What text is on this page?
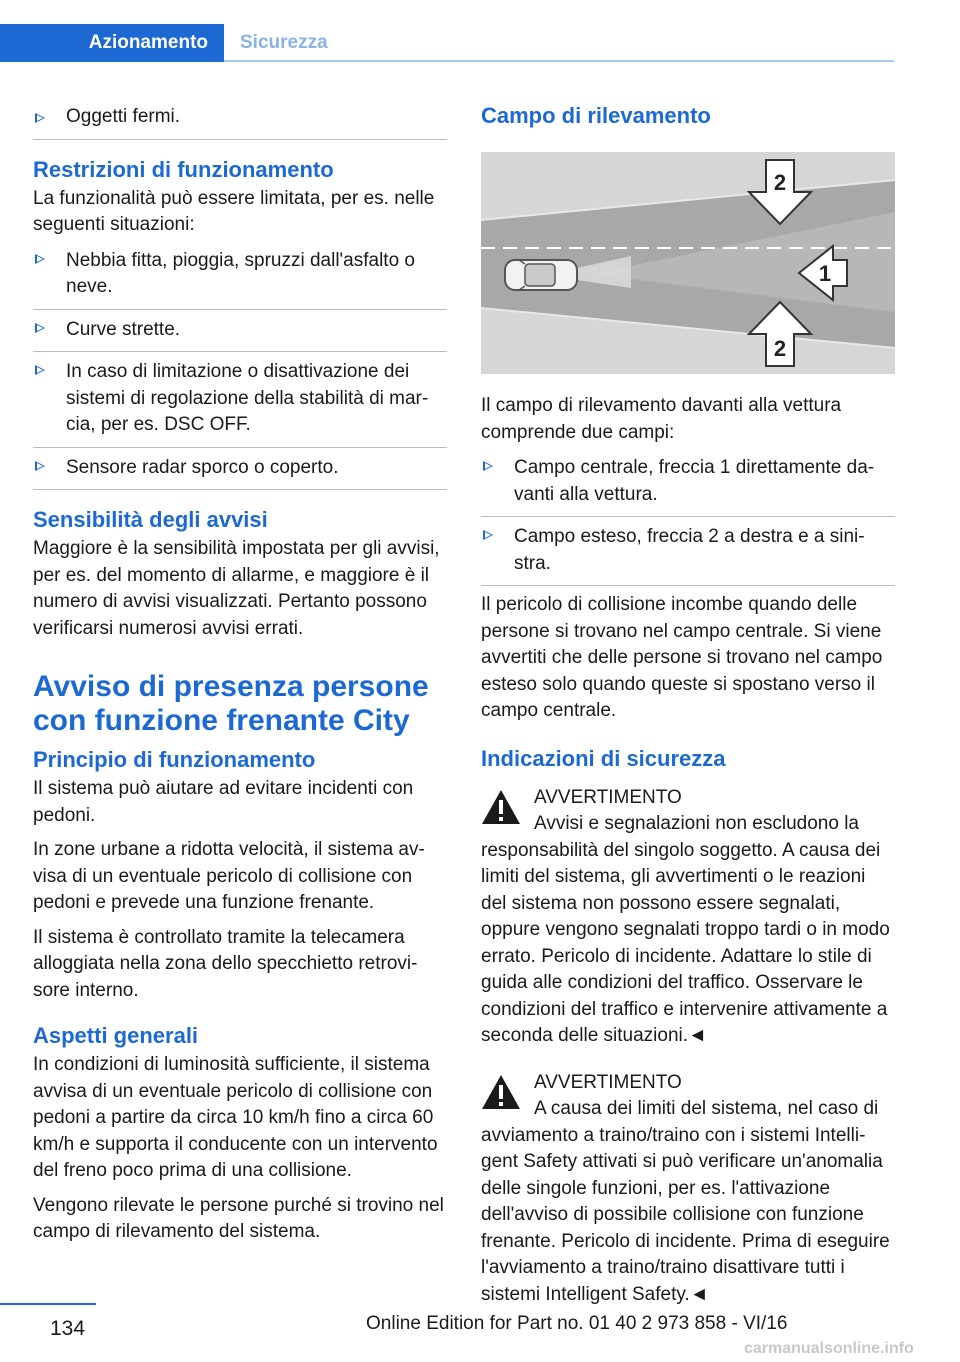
Azionamento	Sicurezza
Oggetti fermi.
Restrizioni di funzionamento

La funzionalità può essere limitata, per es. nelle seguenti situazioni:

Nebbia fitta, pioggia, spruzzi dall'asfalto o neve.
Curve strette.
In caso di limitazione o disattivazione dei sistemi di regolazione della stabilità di marcia, per es. DSC OFF.
Sensore radar sporco o coperto.
Sensibilità degli avvisi

Maggiore è la sensibilità impostata per gli avvisi, per es. del momento di allarme, e maggiore è il numero di avvisi visualizzati. Pertanto possono verificarsi numerosi avvisi errati.

Avviso di presenza persone con funzione frenante City
Principio di funzionamento

Il sistema può aiutare ad evitare incidenti con pedoni.

In zone urbane a ridotta velocità, il sistema avvisa di un eventuale pericolo di collisione con pedoni e prevede una funzione frenante.

Il sistema è controllato tramite la telecamera alloggiata nella zona dello specchietto retrovisore interno.

Aspetti generali

In condizioni di luminosità sufficiente, il sistema avvisa di un eventuale pericolo di collisione con pedoni a partire da circa 10 km/h fino a circa 60 km/h e supporta il conducente con un intervento del freno poco prima di una collisione.

Vengono rilevate le persone purché si trovino nel campo di rilevamento del sistema.

Campo di rilevamento
2
1
2

Il campo di rilevamento davanti alla vettura comprende due campi:

Campo centrale, freccia 1 direttamente davanti alla vettura.
Campo esteso, freccia 2 a destra e a sinistra.

Il pericolo di collisione incombe quando delle persone si trovano nel campo centrale. Si viene avvertiti che delle persone si trovano nel campo esteso solo quando queste si spostano verso il campo centrale.

Indicazioni di sicurezza
AVVERTIMENTO
Avvisi e segnalazioni non escludono la
responsabilità del singolo soggetto. A causa dei limiti del sistema, gli avvertimenti o le reazioni del sistema non possono essere segnalati, oppure vengono segnalati troppo tardi o in modo errato. Pericolo di incidente. Adattare lo stile di guida alle condizioni del traffico. Osservare le condizioni del traffico e intervenire attivamente a seconda delle situazioni.◄
AVVERTIMENTO
A causa dei limiti del sistema, nel caso di
avviamento a traino/traino con i sistemi Intelligent Safety attivati si può verificare un'anomalia delle singole funzioni, per es. l'attivazione dell'avviso di possibile collisione con funzione frenante. Pericolo di incidente. Prima di eseguire l'avviamento a traino/traino disattivare tutti i sistemi Intelligent Safety.◄
134	Online Edition for Part no. 01 40 2 973 858 - VI/16
carmanualsonline.info
